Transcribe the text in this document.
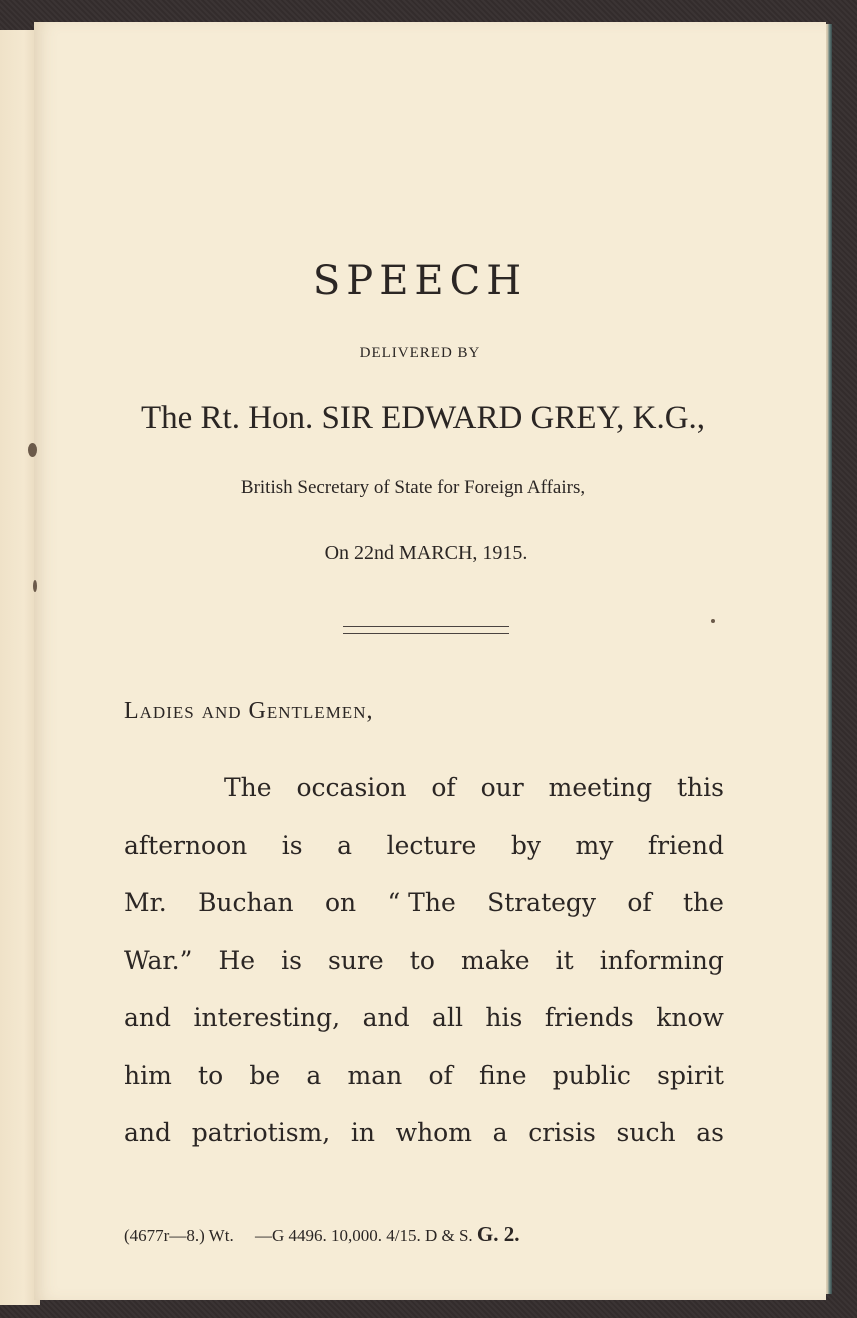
SPEECH
DELIVERED BY
The Rt. Hon. SIR EDWARD GREY, K.G.,
British Secretary of State for Foreign Affairs,
On 22nd MARCH, 1915.
Ladies and Gentlemen,
The occasion of our meeting this
afternoon is a lecture by my friend
Mr. Buchan on “ The Strategy of the
War.” He is sure to make it informing
and interesting, and all his friends know
him to be a man of fine public spirit
and patriotism, in whom a crisis such as
(4677r—8.) Wt.     —G 4496. 10,000. 4/15. D & S. G. 2.
